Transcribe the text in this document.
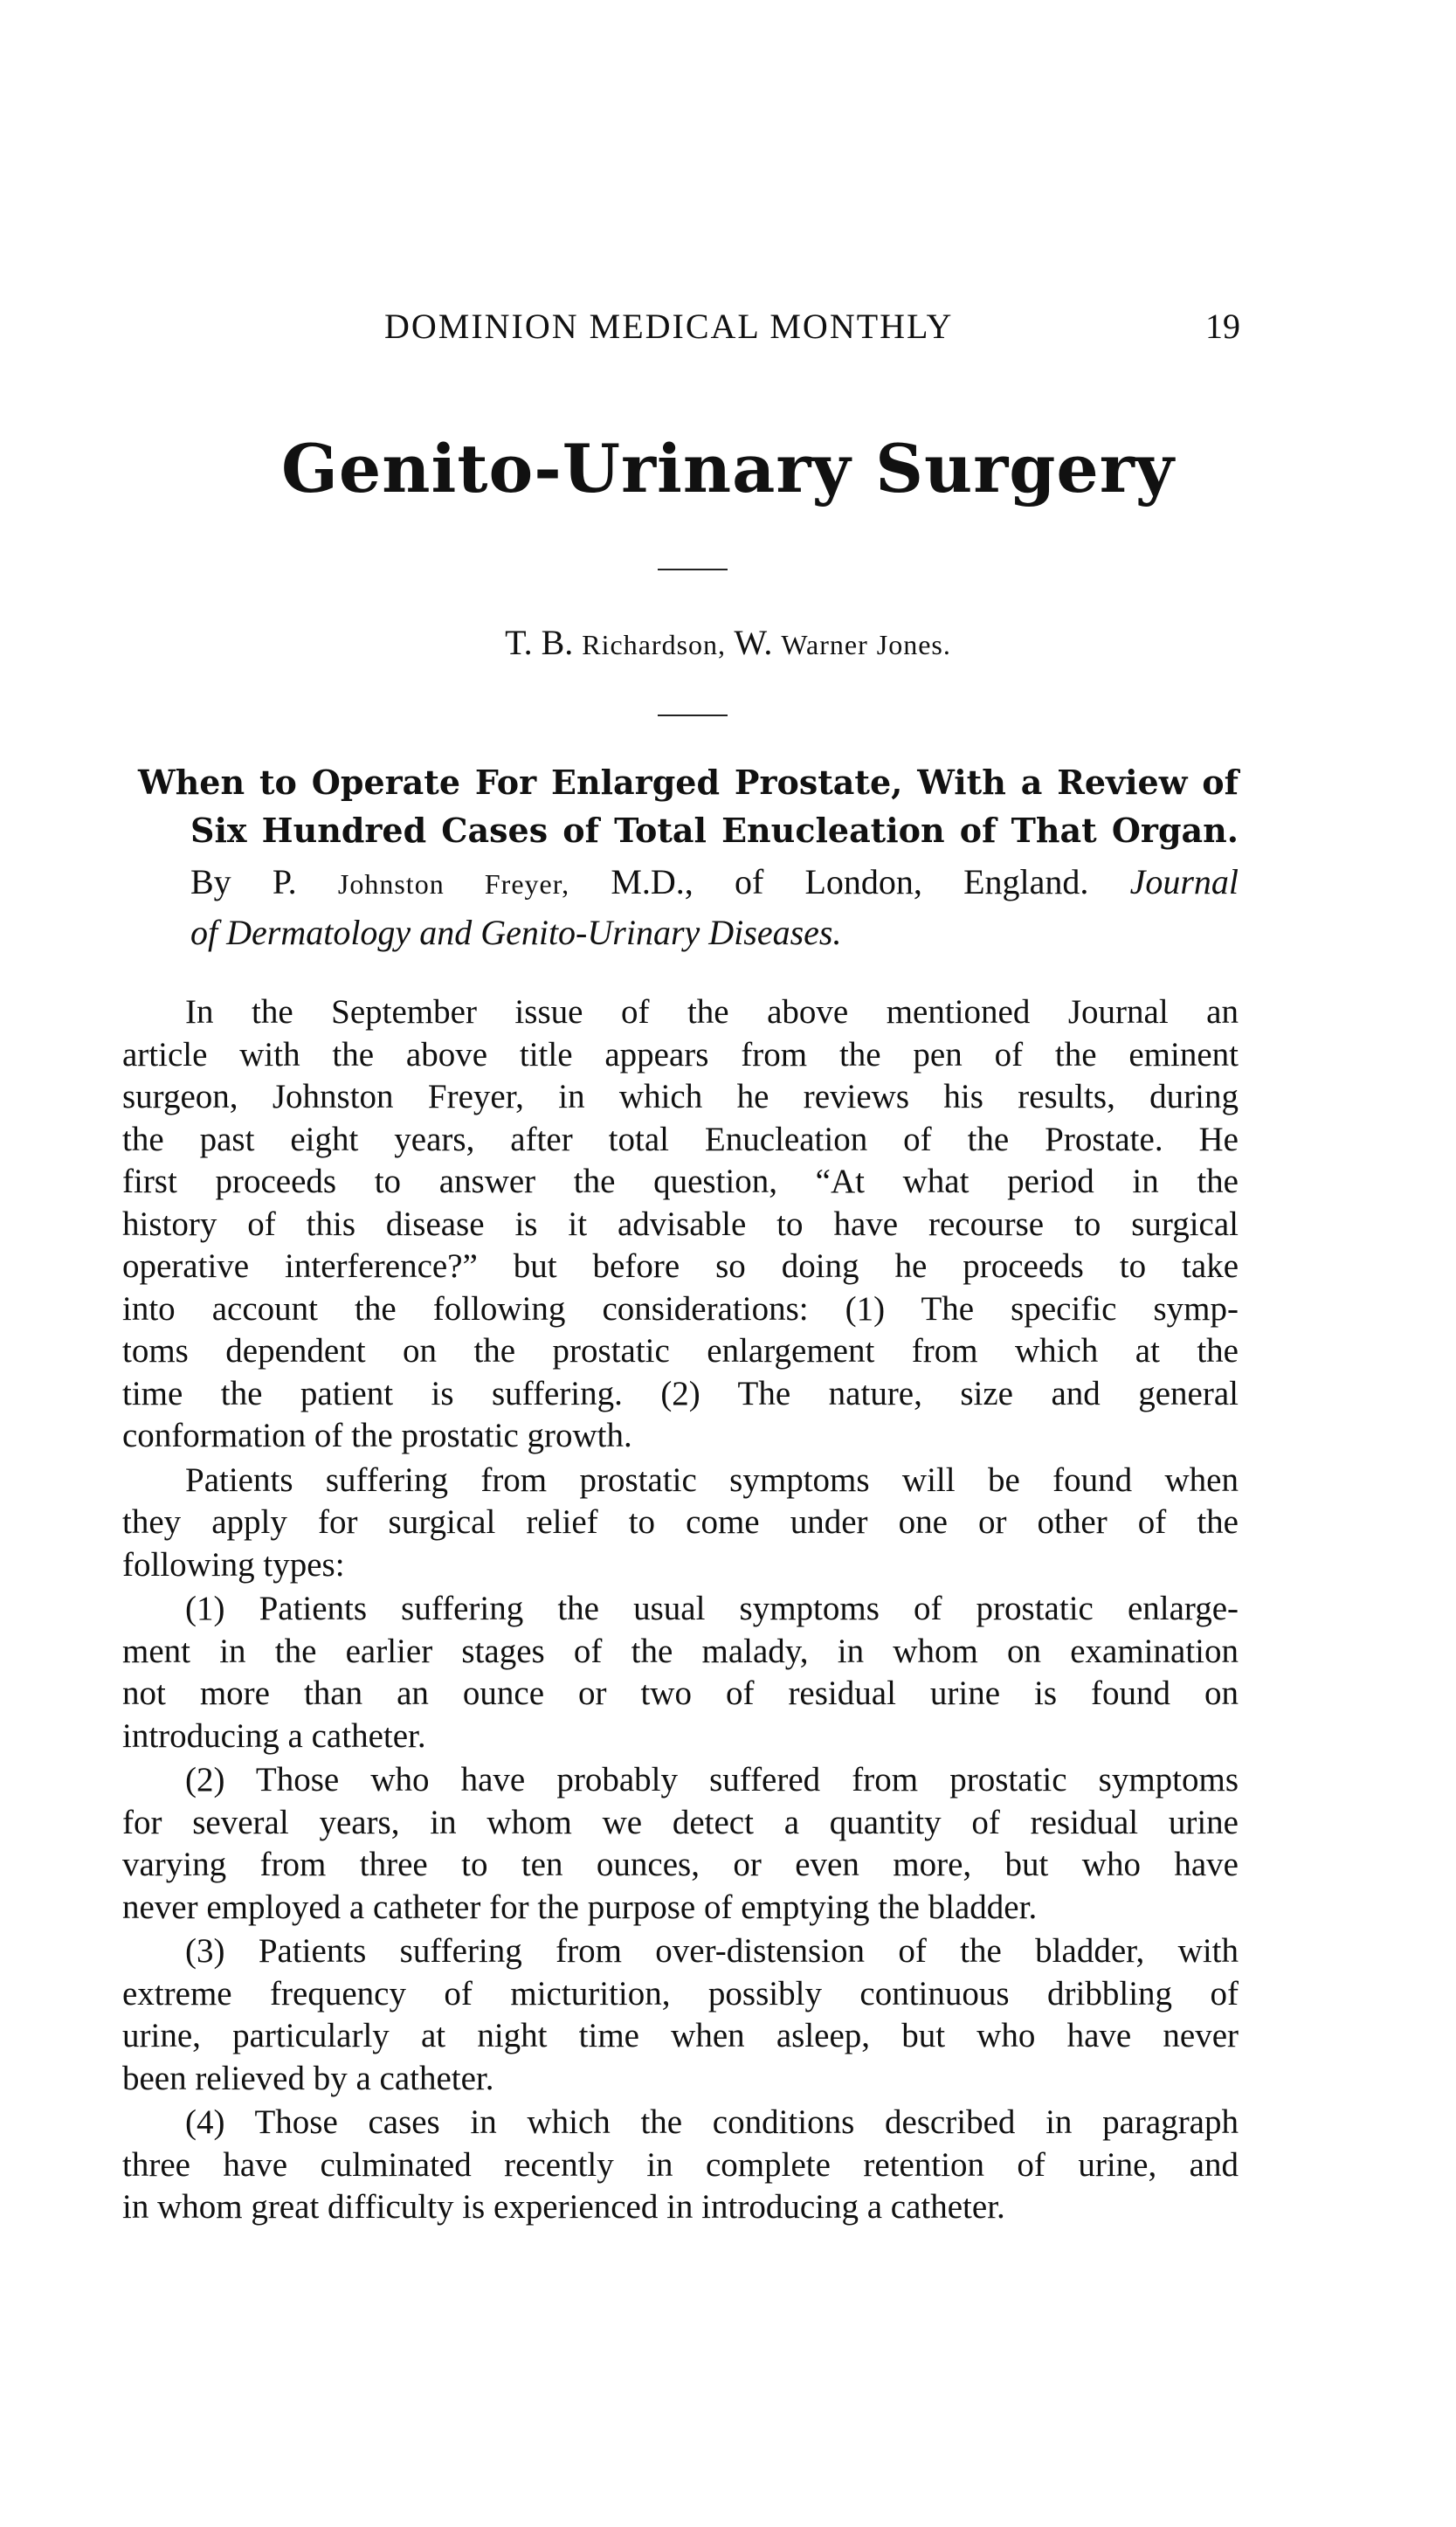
DOMINION MEDICAL MONTHLY	19
Genito-Urinary Surgery
T. B. Richardson, W. Warner Jones.
When to Operate For Enlarged Prostate, With a Review of
Six Hundred Cases of Total Enucleation of That Organ.
By P. Johnston Freyer, M.D., of London, England. Journal
of Dermatology and Genito-Urinary Diseases.

In the September issue of the above mentioned Journal an
article with the above title appears from the pen of the eminent
surgeon, Johnston Freyer, in which he reviews his results, during
the past eight years, after total Enucleation of the Prostate. He
first proceeds to answer the question, “At what period in the
history of this disease is it advisable to have recourse to surgical
operative interference?” but before so doing he proceeds to take
into account the following considerations: (1) The specific symp-
toms dependent on the prostatic enlargement from which at the
time the patient is suffering. (2) The nature, size and general
conformation of the prostatic growth.

Patients suffering from prostatic symptoms will be found when
they apply for surgical relief to come under one or other of the
following types:

(1) Patients suffering the usual symptoms of prostatic enlarge-
ment in the earlier stages of the malady, in whom on examination
not more than an ounce or two of residual urine is found on
introducing a catheter.

(2) Those who have probably suffered from prostatic symptoms
for several years, in whom we detect a quantity of residual urine
varying from three to ten ounces, or even more, but who have
never employed a catheter for the purpose of emptying the bladder.

(3) Patients suffering from over-distension of the bladder, with
extreme frequency of micturition, possibly continuous dribbling of
urine, particularly at night time when asleep, but who have never
been relieved by a catheter.

(4) Those cases in which the conditions described in paragraph
three have culminated recently in complete retention of urine, and
in whom great difficulty is experienced in introducing a catheter.
